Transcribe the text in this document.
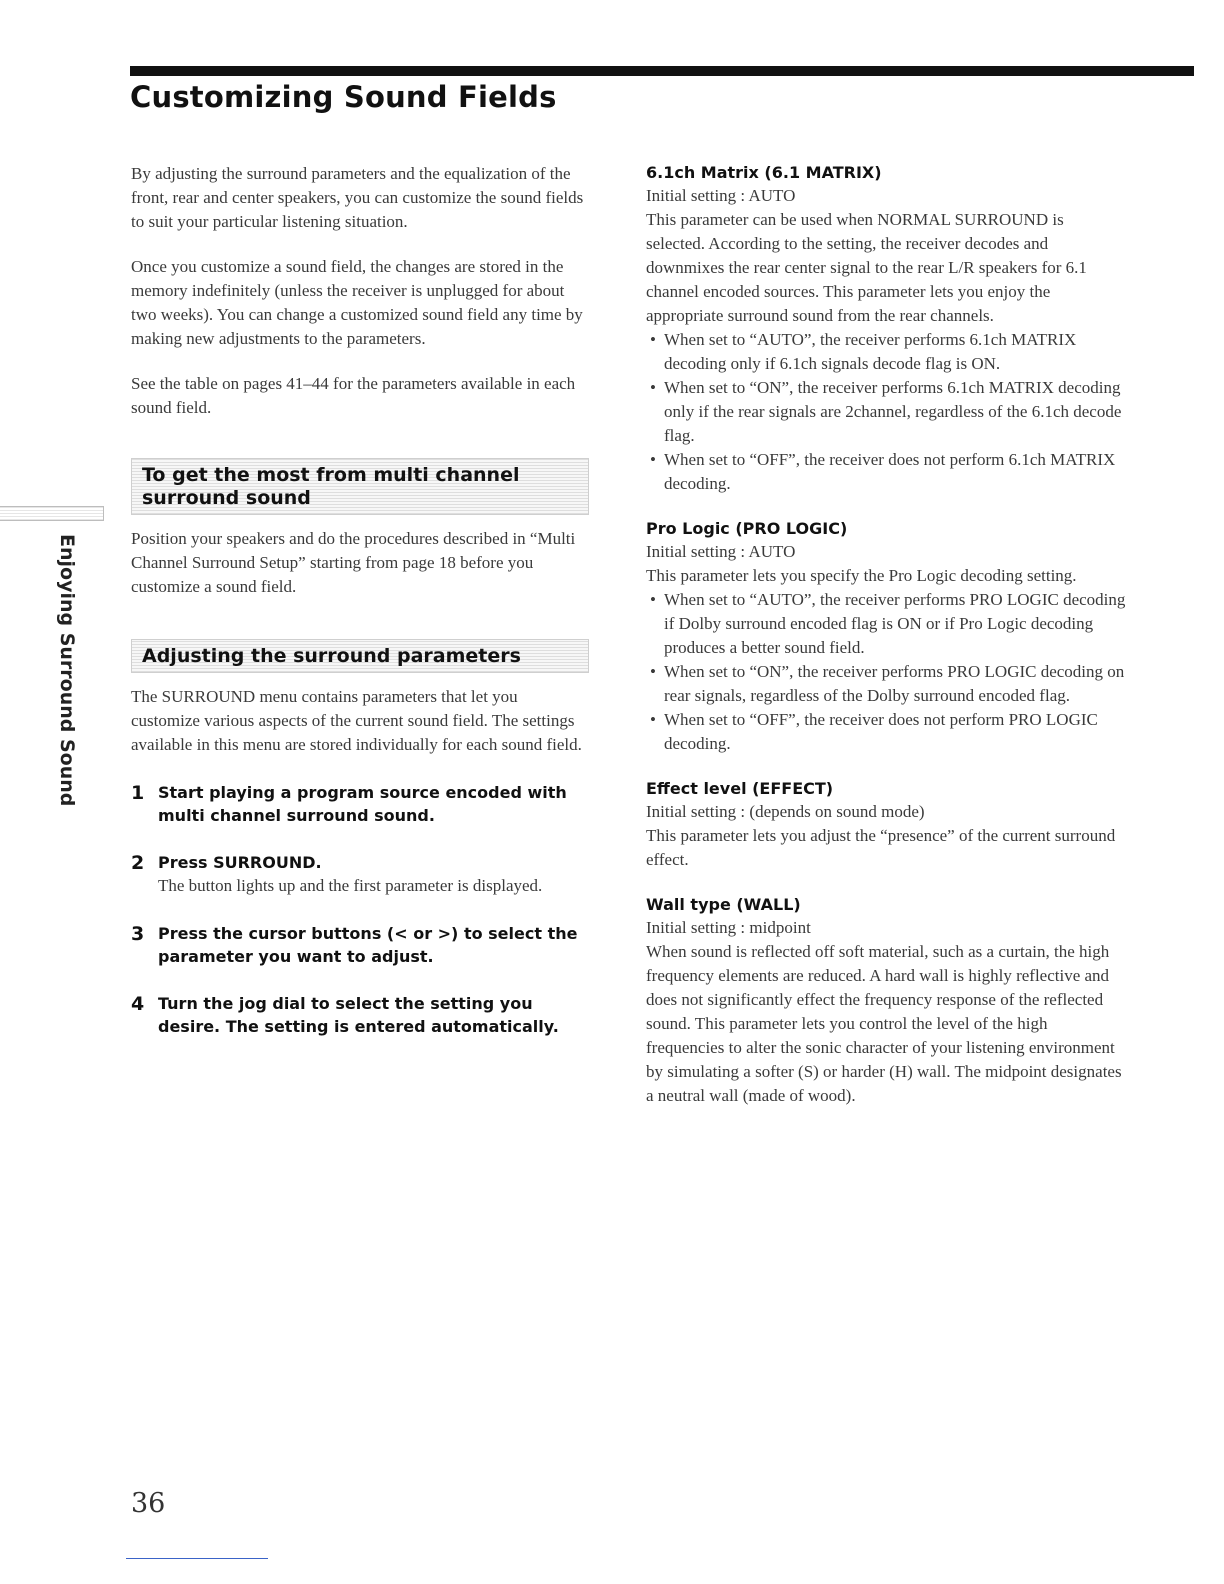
Customizing Sound Fields
Enjoying Surround Sound

By adjusting the surround parameters and the equalization of the front, rear and center speakers, you can customize the sound fields to suit your particular listening situation.

Once you customize a sound field, the changes are stored in the memory indefinitely (unless the receiver is unplugged for about two weeks). You can change a customized sound field any time by making new adjustments to the parameters.

See the table on pages 41–44 for the parameters available in each sound field.

To get the most from multi channel surround sound

Position your speakers and do the procedures described in “Multi Channel Surround Setup” starting from page 18 before you customize a sound field.

Adjusting the surround parameters

The SURROUND menu contains parameters that let you customize various aspects of the current sound field. The settings available in this menu are stored individually for each sound field.

1 Start playing a program source encoded with multi channel surround sound.
2 Press SURROUND.
The button lights up and the first parameter is displayed.
3 Press the cursor buttons (< or >) to select the parameter you want to adjust.
4 Turn the jog dial to select the setting you desire. The setting is entered automatically.
6.1ch Matrix (6.1 MATRIX)
Initial setting : AUTO
This parameter can be used when NORMAL SURROUND is selected. According to the setting, the receiver decodes and downmixes the rear center signal to the rear L/R speakers for 6.1 channel encoded sources. This parameter lets you enjoy the appropriate surround sound from the rear channels.
• When set to “AUTO”, the receiver performs 6.1ch MATRIX decoding only if 6.1ch signals decode flag is ON.
• When set to “ON”, the receiver performs 6.1ch MATRIX decoding only if the rear signals are 2channel, regardless of the 6.1ch decode flag.
• When set to “OFF”, the receiver does not perform 6.1ch MATRIX decoding.
Pro Logic (PRO LOGIC)
Initial setting : AUTO
This parameter lets you specify the Pro Logic decoding setting.
• When set to “AUTO”, the receiver performs PRO LOGIC decoding if Dolby surround encoded flag is ON or if Pro Logic decoding produces a better sound field.
• When set to “ON”, the receiver performs PRO LOGIC decoding on rear signals, regardless of the Dolby surround encoded flag.
• When set to “OFF”, the receiver does not perform PRO LOGIC decoding.
Effect level (EFFECT)
Initial setting : (depends on sound mode)
This parameter lets you adjust the “presence” of the current surround effect.
Wall type (WALL)
Initial setting : midpoint
When sound is reflected off soft material, such as a curtain, the high frequency elements are reduced. A hard wall is highly reflective and does not significantly effect the frequency response of the reflected sound. This parameter lets you control the level of the high frequencies to alter the sonic character of your listening environment by simulating a softer (S) or harder (H) wall. The midpoint designates a neutral wall (made of wood).
36
